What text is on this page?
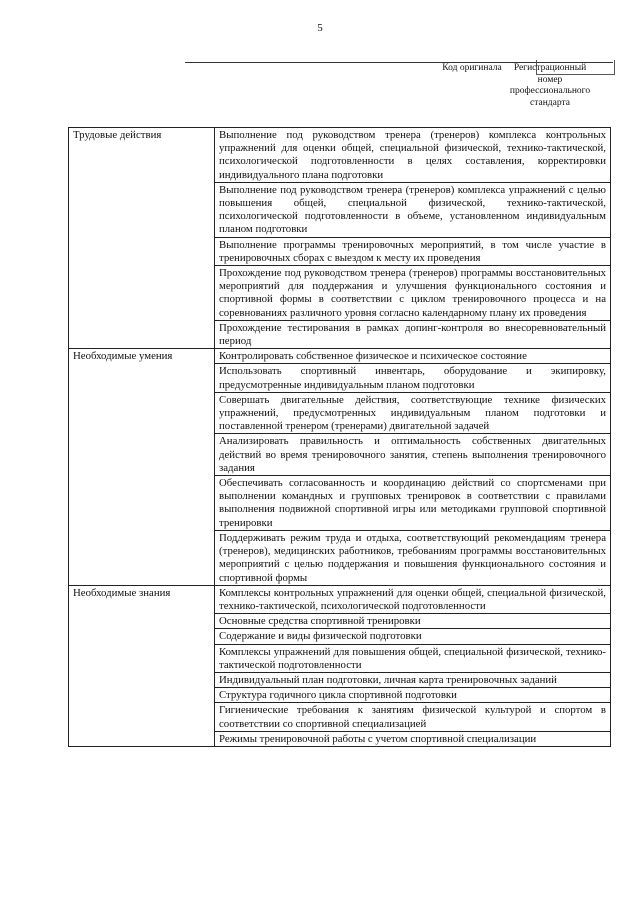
5
Код оригинала	Регистрационный номер профессионального стандарта
Трудовые действия	Выполнение под руководством тренера (тренеров) комплекса контрольных упражнений для оценки общей, специальной физической, технико-тактической, психологической подготовленности в целях составления, корректировки индивидуального плана подготовки
	Выполнение под руководством тренера (тренеров) комплекса упражнений с целью повышения общей, специальной физической, технико-тактической, психологической подготовленности в объеме, установленном индивидуальным планом подготовки
	Выполнение программы тренировочных мероприятий, в том числе участие в тренировочных сборах с выездом к месту их проведения
	Прохождение под руководством тренера (тренеров) программы восстановительных мероприятий для поддержания и улучшения функционального состояния и спортивной формы в соответствии с циклом тренировочного процесса и на соревнованиях различного уровня согласно календарному плану их проведения
	Прохождение тестирования в рамках допинг-контроля во внесоревновательный период
Необходимые умения	Контролировать собственное физическое и психическое состояние
	Использовать спортивный инвентарь, оборудование и экипировку, предусмотренные индивидуальным планом подготовки
	Совершать двигательные действия, соответствующие технике физических упражнений, предусмотренных индивидуальным планом подготовки и поставленной тренером (тренерами) двигательной задачей
	Анализировать правильность и оптимальность собственных двигательных действий во время тренировочного занятия, степень выполнения тренировочного задания
	Обеспечивать согласованность и координацию действий со спортсменами при выполнении командных и групповых тренировок в соответствии с правилами выполнения подвижной спортивной игры или методиками групповой спортивной тренировки
	Поддерживать режим труда и отдыха, соответствующий рекомендациям тренера (тренеров), медицинских работников, требованиям программы восстановительных мероприятий с целью поддержания и повышения функционального состояния и спортивной формы
Необходимые знания	Комплексы контрольных упражнений для оценки общей, специальной физической, технико-тактической, психологической подготовленности
	Основные средства спортивной тренировки
	Содержание и виды физической подготовки
	Комплексы упражнений для повышения общей, специальной физической, технико-тактической подготовленности
	Индивидуальный план подготовки, личная карта тренировочных заданий
	Структура годичного цикла спортивной подготовки
	Гигиенические требования к занятиям физической культурой и спортом в соответствии со спортивной специализацией
	Режимы тренировочной работы с учетом спортивной специализации
